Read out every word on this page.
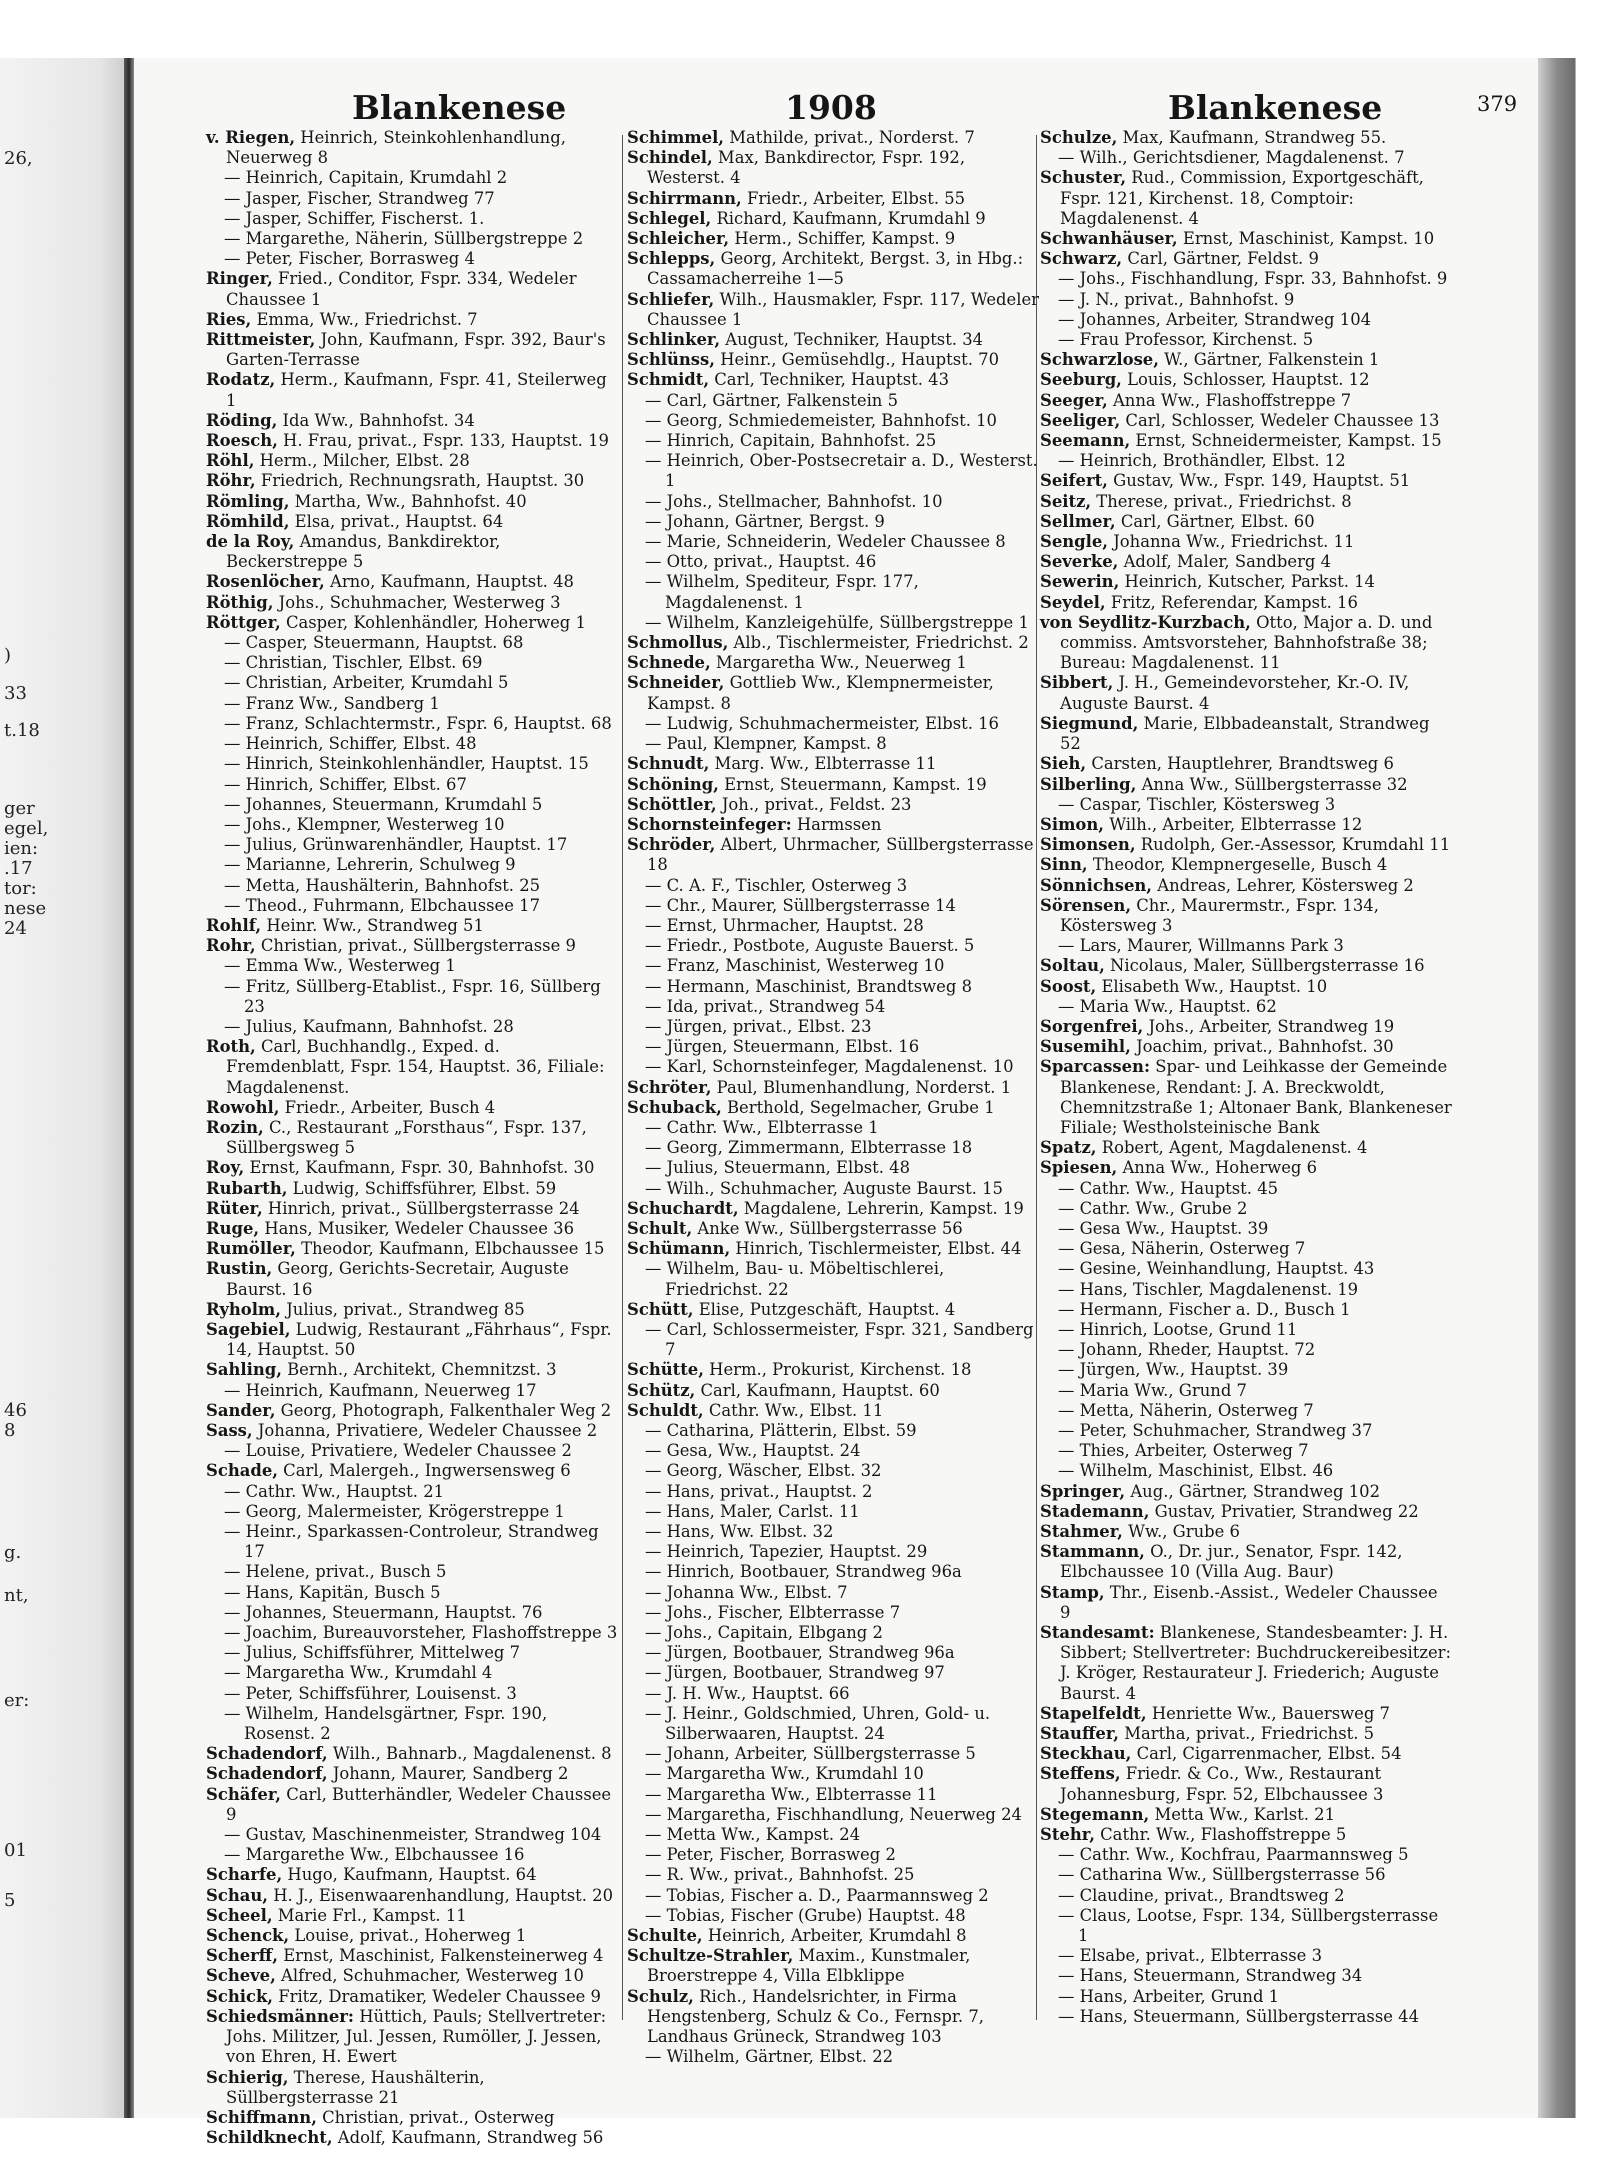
Blankenese	1908	Blankenese	379

v. Riegen, Heinrich, Steinkohlenhandlung, Neuerweg 8

— Heinrich, Capitain, Krumdahl 2

— Jasper, Fischer, Strandweg 77

— Jasper, Schiffer, Fischerst. 1.

— Margarethe, Näherin, Süllbergstreppe 2

— Peter, Fischer, Borrasweg 4

Ringer, Fried., Conditor, Fspr. 334, Wedeler Chaussee 1

Ries, Emma, Ww., Friedrichst. 7

Rittmeister, John, Kaufmann, Fspr. 392, Baur's Garten-Terrasse

Rodatz, Herm., Kaufmann, Fspr. 41, Steilerweg 1

Röding, Ida Ww., Bahnhofst. 34

Roesch, H. Frau, privat., Fspr. 133, Hauptst. 19

Röhl, Herm., Milcher, Elbst. 28

Röhr, Friedrich, Rechnungsrath, Hauptst. 30

Römling, Martha, Ww., Bahnhofst. 40

Römhild, Elsa, privat., Hauptst. 64

de la Roy, Amandus, Bankdirektor, Beckerstreppe 5

Rosenlöcher, Arno, Kaufmann, Hauptst. 48

Röthig, Johs., Schuhmacher, Westerweg 3

Röttger, Casper, Kohlenhändler, Hoherweg 1

— Casper, Steuermann, Hauptst. 68

— Christian, Tischler, Elbst. 69

— Christian, Arbeiter, Krumdahl 5

— Franz Ww., Sandberg 1

— Franz, Schlachtermstr., Fspr. 6, Hauptst. 68

— Heinrich, Schiffer, Elbst. 48

— Hinrich, Steinkohlenhändler, Hauptst. 15

— Hinrich, Schiffer, Elbst. 67

— Johannes, Steuermann, Krumdahl 5

— Johs., Klempner, Westerweg 10

— Julius, Grünwarenhändler, Hauptst. 17

— Marianne, Lehrerin, Schulweg 9

— Metta, Haushälterin, Bahnhofst. 25

— Theod., Fuhrmann, Elbchaussee 17

Rohlf, Heinr. Ww., Strandweg 51

Rohr, Christian, privat., Süllbergsterrasse 9

— Emma Ww., Westerweg 1

— Fritz, Süllberg-Etablist., Fspr. 16, Süllberg 23

— Julius, Kaufmann, Bahnhofst. 28

Roth, Carl, Buchhandlg., Exped. d. Fremdenblatt, Fspr. 154, Hauptst. 36, Filiale: Magdalenenst.

Rowohl, Friedr., Arbeiter, Busch 4

Rozin, C., Restaurant „Forsthaus“, Fspr. 137, Süllbergsweg 5

Roy, Ernst, Kaufmann, Fspr. 30, Bahnhofst. 30

Rubarth, Ludwig, Schiffsführer, Elbst. 59

Rüter, Hinrich, privat., Süllbergsterrasse 24

Ruge, Hans, Musiker, Wedeler Chaussee 36

Rumöller, Theodor, Kaufmann, Elbchaussee 15

Rustin, Georg, Gerichts-Secretair, Auguste Baurst. 16

Ryholm, Julius, privat., Strandweg 85

Sagebiel, Ludwig, Restaurant „Fährhaus“, Fspr. 14, Hauptst. 50

Sahling, Bernh., Architekt, Chemnitzst. 3

— Heinrich, Kaufmann, Neuerweg 17

Sander, Georg, Photograph, Falkenthaler Weg 2

Sass, Johanna, Privatiere, Wedeler Chaussee 2

— Louise, Privatiere, Wedeler Chaussee 2

Schade, Carl, Malergeh., Ingwersensweg 6

— Cathr. Ww., Hauptst. 21

— Georg, Malermeister, Krögerstreppe 1

— Heinr., Sparkassen-Controleur, Strandweg 17

— Helene, privat., Busch 5

— Hans, Kapitän, Busch 5

— Johannes, Steuermann, Hauptst. 76

— Joachim, Bureauvorsteher, Flashoffstreppe 3

— Julius, Schiffsführer, Mittelweg 7

— Margaretha Ww., Krumdahl 4

— Peter, Schiffsführer, Louisenst. 3

— Wilhelm, Handelsgärtner, Fspr. 190, Rosenst. 2

Schadendorf, Wilh., Bahnarb., Magdalenenst. 8

Schadendorf, Johann, Maurer, Sandberg 2

Schäfer, Carl, Butterhändler, Wedeler Chaussee 9

— Gustav, Maschinenmeister, Strandweg 104

— Margarethe Ww., Elbchaussee 16

Scharfe, Hugo, Kaufmann, Hauptst. 64

Schau, H. J., Eisenwaarenhandlung, Hauptst. 20

Scheel, Marie Frl., Kampst. 11

Schenck, Louise, privat., Hoherweg 1

Scherff, Ernst, Maschinist, Falkensteinerweg 4

Scheve, Alfred, Schuhmacher, Westerweg 10

Schick, Fritz, Dramatiker, Wedeler Chaussee 9

Schiedsmänner: Hüttich, Pauls; Stellvertreter: Johs. Militzer, Jul. Jessen, Rumöller, J. Jessen, von Ehren, H. Ewert

Schierig, Therese, Haushälterin, Süllbergsterrasse 21

Schiffmann, Christian, privat., Osterweg

Schildknecht, Adolf, Kaufmann, Strandweg 56

Schimmel, Mathilde, privat., Norderst. 7

Schindel, Max, Bankdirector, Fspr. 192, Westerst. 4

Schirrmann, Friedr., Arbeiter, Elbst. 55

Schlegel, Richard, Kaufmann, Krumdahl 9

Schleicher, Herm., Schiffer, Kampst. 9

Schlepps, Georg, Architekt, Bergst. 3, in Hbg.: Cassamacherreihe 1—5

Schliefer, Wilh., Hausmakler, Fspr. 117, Wedeler Chaussee 1

Schlinker, August, Techniker, Hauptst. 34

Schlünss, Heinr., Gemüsehdlg., Hauptst. 70

Schmidt, Carl, Techniker, Hauptst. 43

— Carl, Gärtner, Falkenstein 5

— Georg, Schmiedemeister, Bahnhofst. 10

— Hinrich, Capitain, Bahnhofst. 25

— Heinrich, Ober-Postsecretair a. D., Westerst. 1

— Johs., Stellmacher, Bahnhofst. 10

— Johann, Gärtner, Bergst. 9

— Marie, Schneiderin, Wedeler Chaussee 8

— Otto, privat., Hauptst. 46

— Wilhelm, Spediteur, Fspr. 177, Magdalenenst. 1

— Wilhelm, Kanzleigehülfe, Süllbergstreppe 1

Schmollus, Alb., Tischlermeister, Friedrichst. 2

Schnede, Margaretha Ww., Neuerweg 1

Schneider, Gottlieb Ww., Klempnermeister, Kampst. 8

— Ludwig, Schuhmachermeister, Elbst. 16

— Paul, Klempner, Kampst. 8

Schnudt, Marg. Ww., Elbterrasse 11

Schöning, Ernst, Steuermann, Kampst. 19

Schöttler, Joh., privat., Feldst. 23

Schornsteinfeger: Harmssen

Schröder, Albert, Uhrmacher, Süllbergsterrasse 18

— C. A. F., Tischler, Osterweg 3

— Chr., Maurer, Süllbergsterrasse 14

— Ernst, Uhrmacher, Hauptst. 28

— Friedr., Postbote, Auguste Bauerst. 5

— Franz, Maschinist, Westerweg 10

— Hermann, Maschinist, Brandtsweg 8

— Ida, privat., Strandweg 54

— Jürgen, privat., Elbst. 23

— Jürgen, Steuermann, Elbst. 16

— Karl, Schornsteinfeger, Magdalenenst. 10

Schröter, Paul, Blumenhandlung, Norderst. 1

Schuback, Berthold, Segelmacher, Grube 1

— Cathr. Ww., Elbterrasse 1

— Georg, Zimmermann, Elbterrasse 18

— Julius, Steuermann, Elbst. 48

— Wilh., Schuhmacher, Auguste Baurst. 15

Schuchardt, Magdalene, Lehrerin, Kampst. 19

Schult, Anke Ww., Süllbergsterrasse 56

Schümann, Hinrich, Tischlermeister, Elbst. 44

— Wilhelm, Bau- u. Möbeltischlerei, Friedrichst. 22

Schütt, Elise, Putzgeschäft, Hauptst. 4

— Carl, Schlossermeister, Fspr. 321, Sandberg 7

Schütte, Herm., Prokurist, Kirchenst. 18

Schütz, Carl, Kaufmann, Hauptst. 60

Schuldt, Cathr. Ww., Elbst. 11

— Catharina, Plätterin, Elbst. 59

— Gesa, Ww., Hauptst. 24

— Georg, Wäscher, Elbst. 32

— Hans, privat., Hauptst. 2

— Hans, Maler, Carlst. 11

— Hans, Ww. Elbst. 32

— Heinrich, Tapezier, Hauptst. 29

— Hinrich, Bootbauer, Strandweg 96a

— Johanna Ww., Elbst. 7

— Johs., Fischer, Elbterrasse 7

— Johs., Capitain, Elbgang 2

— Jürgen, Bootbauer, Strandweg 96a

— Jürgen, Bootbauer, Strandweg 97

— J. H. Ww., Hauptst. 66

— J. Heinr., Goldschmied, Uhren, Gold- u. Silberwaaren, Hauptst. 24

— Johann, Arbeiter, Süllbergsterrasse 5

— Margaretha Ww., Krumdahl 10

— Margaretha Ww., Elbterrasse 11

— Margaretha, Fischhandlung, Neuerweg 24

— Metta Ww., Kampst. 24

— Peter, Fischer, Borrasweg 2

— R. Ww., privat., Bahnhofst. 25

— Tobias, Fischer a. D., Paarmannsweg 2

— Tobias, Fischer (Grube) Hauptst. 48

Schulte, Heinrich, Arbeiter, Krumdahl 8

Schultze-Strahler, Maxim., Kunstmaler, Broerstreppe 4, Villa Elbklippe

Schulz, Rich., Handelsrichter, in Firma Hengstenberg, Schulz & Co., Fernspr. 7, Landhaus Grüneck, Strandweg 103

— Wilhelm, Gärtner, Elbst. 22

Schulze, Max, Kaufmann, Strandweg 55.

— Wilh., Gerichtsdiener, Magdalenenst. 7

Schuster, Rud., Commission, Exportgeschäft, Fspr. 121, Kirchenst. 18, Comptoir: Magdalenenst. 4

Schwanhäuser, Ernst, Maschinist, Kampst. 10

Schwarz, Carl, Gärtner, Feldst. 9

— Johs., Fischhandlung, Fspr. 33, Bahnhofst. 9

— J. N., privat., Bahnhofst. 9

— Johannes, Arbeiter, Strandweg 104

— Frau Professor, Kirchenst. 5

Schwarzlose, W., Gärtner, Falkenstein 1

Seeburg, Louis, Schlosser, Hauptst. 12

Seeger, Anna Ww., Flashoffstreppe 7

Seeliger, Carl, Schlosser, Wedeler Chaussee 13

Seemann, Ernst, Schneidermeister, Kampst. 15

— Heinrich, Brothändler, Elbst. 12

Seifert, Gustav, Ww., Fspr. 149, Hauptst. 51

Seitz, Therese, privat., Friedrichst. 8

Sellmer, Carl, Gärtner, Elbst. 60

Sengle, Johanna Ww., Friedrichst. 11

Severke, Adolf, Maler, Sandberg 4

Sewerin, Heinrich, Kutscher, Parkst. 14

Seydel, Fritz, Referendar, Kampst. 16

von Seydlitz-Kurzbach, Otto, Major a. D. und commiss. Amtsvorsteher, Bahnhofstraße 38; Bureau: Magdalenenst. 11

Sibbert, J. H., Gemeindevorsteher, Kr.-O. IV, Auguste Baurst. 4

Siegmund, Marie, Elbbadeanstalt, Strandweg 52

Sieh, Carsten, Hauptlehrer, Brandtsweg 6

Silberling, Anna Ww., Süllbergsterrasse 32

— Caspar, Tischler, Köstersweg 3

Simon, Wilh., Arbeiter, Elbterrasse 12

Simonsen, Rudolph, Ger.-Assessor, Krumdahl 11

Sinn, Theodor, Klempnergeselle, Busch 4

Sönnichsen, Andreas, Lehrer, Köstersweg 2

Sörensen, Chr., Maurermstr., Fspr. 134, Köstersweg 3

— Lars, Maurer, Willmanns Park 3

Soltau, Nicolaus, Maler, Süllbergsterrasse 16

Soost, Elisabeth Ww., Hauptst. 10

— Maria Ww., Hauptst. 62

Sorgenfrei, Johs., Arbeiter, Strandweg 19

Susemihl, Joachim, privat., Bahnhofst. 30

Sparcassen: Spar- und Leihkasse der Gemeinde Blankenese, Rendant: J. A. Breckwoldt, Chemnitzstraße 1; Altonaer Bank, Blankeneser Filiale; Westholsteinische Bank

Spatz, Robert, Agent, Magdalenenst. 4

Spiesen, Anna Ww., Hoherweg 6

— Cathr. Ww., Hauptst. 45

— Cathr. Ww., Grube 2

— Gesa Ww., Hauptst. 39

— Gesa, Näherin, Osterweg 7

— Gesine, Weinhandlung, Hauptst. 43

— Hans, Tischler, Magdalenenst. 19

— Hermann, Fischer a. D., Busch 1

— Hinrich, Lootse, Grund 11

— Johann, Rheder, Hauptst. 72

— Jürgen, Ww., Hauptst. 39

— Maria Ww., Grund 7

— Metta, Näherin, Osterweg 7

— Peter, Schuhmacher, Strandweg 37

— Thies, Arbeiter, Osterweg 7

— Wilhelm, Maschinist, Elbst. 46

Springer, Aug., Gärtner, Strandweg 102

Stademann, Gustav, Privatier, Strandweg 22

Stahmer, Ww., Grube 6

Stammann, O., Dr. jur., Senator, Fspr. 142, Elbchaussee 10 (Villa Aug. Baur)

Stamp, Thr., Eisenb.-Assist., Wedeler Chaussee 9

Standesamt: Blankenese, Standesbeamter: J. H. Sibbert; Stellvertreter: Buchdruckereibesitzer: J. Kröger, Restaurateur J. Friederich; Auguste Baurst. 4

Stapelfeldt, Henriette Ww., Bauersweg 7

Stauffer, Martha, privat., Friedrichst. 5

Steckhau, Carl, Cigarrenmacher, Elbst. 54

Steffens, Friedr. & Co., Ww., Restaurant Johannesburg, Fspr. 52, Elbchaussee 3

Stegemann, Metta Ww., Karlst. 21

Stehr, Cathr. Ww., Flashoffstreppe 5

— Cathr. Ww., Kochfrau, Paarmannsweg 5

— Catharina Ww., Süllbergsterrasse 56

— Claudine, privat., Brandtsweg 2

— Claus, Lootse, Fspr. 134, Süllbergsterrasse 1

— Elsabe, privat., Elbterrasse 3

— Hans, Steuermann, Strandweg 34

— Hans, Arbeiter, Grund 1

— Hans, Steuermann, Süllbergsterrasse 44

26,
)
33
t.18
ger
egel,
ien:
.17
tor:
nese
24
46
8
g.
nt,
er:
01
5
